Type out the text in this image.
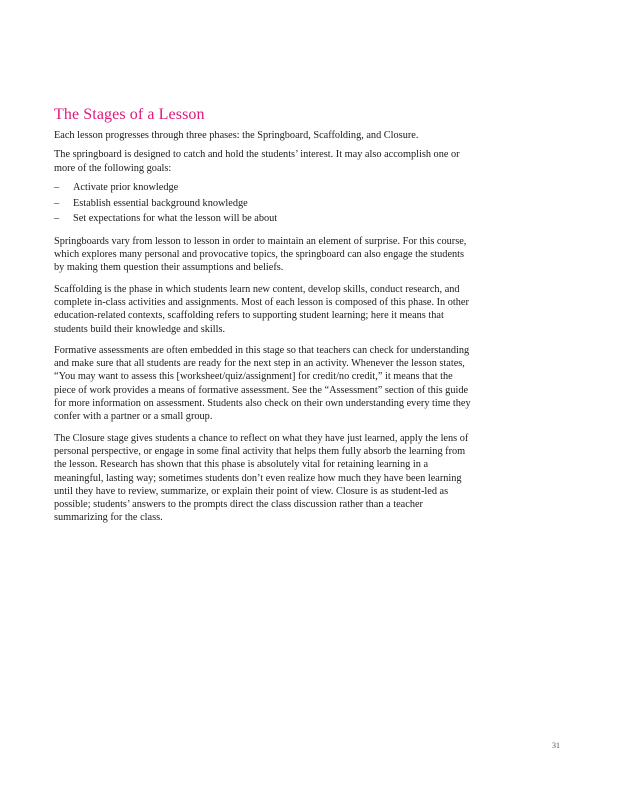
The Stages of a Lesson

Each lesson progresses through three phases: the Springboard, Scaffolding, and Closure.

The springboard is designed to catch and hold the students’ interest. It may also accomplish one or more of the following goals:

–	Activate prior knowledge
–	Establish essential background knowledge
–	Set expectations for what the lesson will be about

Springboards vary from lesson to lesson in order to maintain an element of surprise. For this course, which explores many personal and provocative topics, the springboard can also engage the students by making them question their assumptions and beliefs.

Scaffolding is the phase in which students learn new content, develop skills, conduct research, and complete in-class activities and assignments. Most of each lesson is composed of this phase. In other education-related contexts, scaffolding refers to supporting student learning; here it means that students build their knowledge and skills.

Formative assessments are often embedded in this stage so that teachers can check for understanding and make sure that all students are ready for the next step in an activity. Whenever the lesson states, “You may want to assess this [worksheet/quiz/assignment] for credit/no credit,” it means that the piece of work provides a means of formative assessment. See the “Assessment” section of this guide for more information on assessment. Students also check on their own understanding every time they confer with a partner or a small group.

The Closure stage gives students a chance to reflect on what they have just learned, apply the lens of personal perspective, or engage in some final activity that helps them fully absorb the learning from the lesson. Research has shown that this phase is absolutely vital for retaining learning in a meaningful, lasting way; sometimes students don’t even realize how much they have been learning until they have to review, summarize, or explain their point of view. Closure is as student-led as possible; students’ answers to the prompts direct the class discussion rather than a teacher summarizing for the class.

31
